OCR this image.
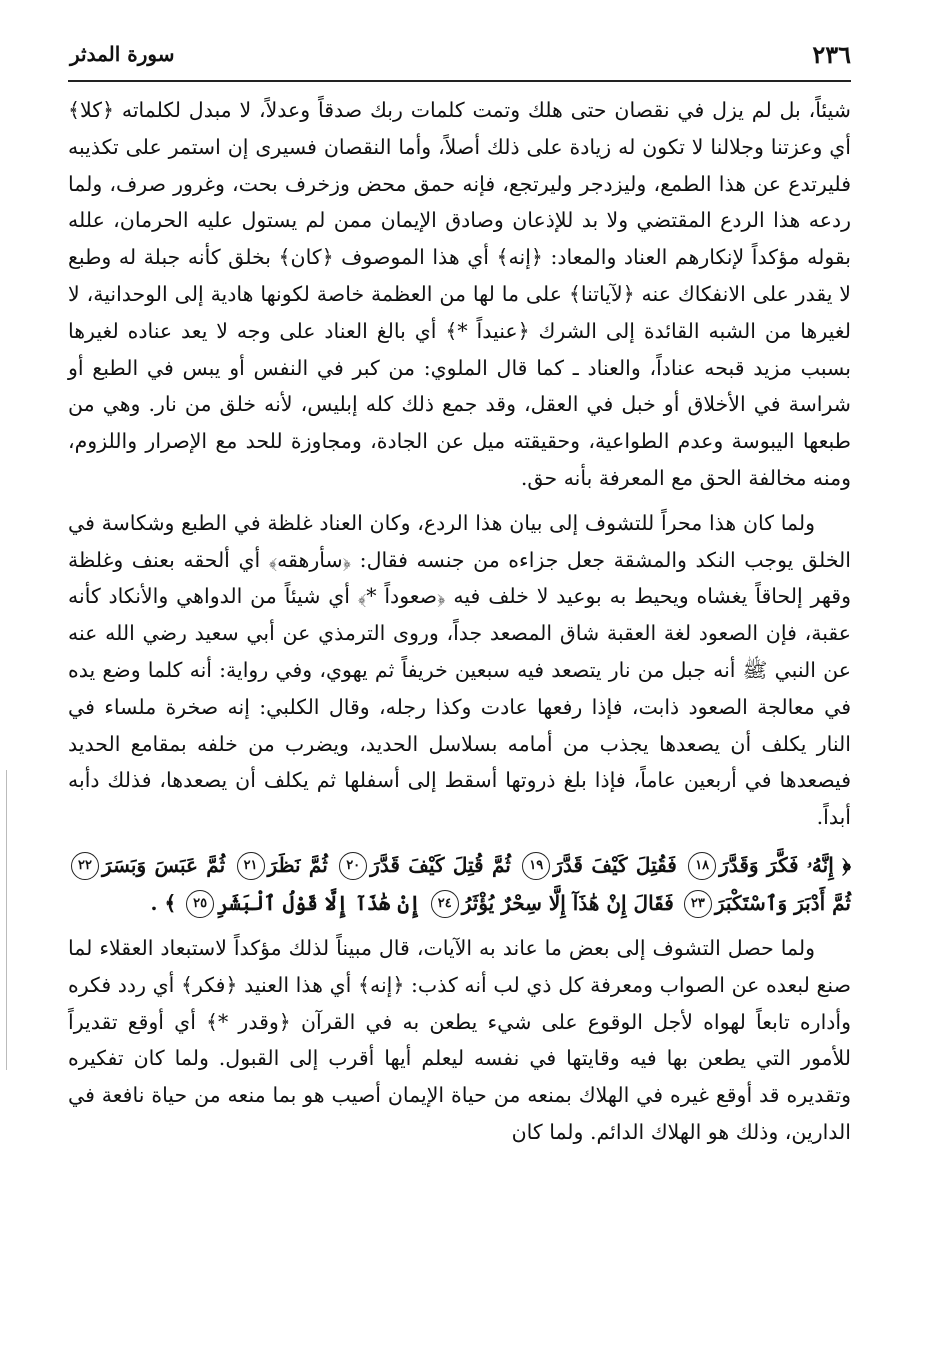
٢٣٦
سورة المدثر

شيئاً، بل لم يزل في نقصان حتى هلك وتمت كلمات ربك صدقاً وعدلاً، لا مبدل لكلماته ﴿كلا﴾ أي وعزتنا وجلالنا لا تكون له زيادة على ذلك أصلاً، وأما النقصان فسيرى إن استمر على تكذيبه فليرتدع عن هذا الطمع، وليزدجر وليرتجع، فإنه حمق محض وزخرف بحت، وغرور صرف، ولما ردعه هذا الردع المقتضي ولا بد للإذعان وصادق الإيمان ممن لم يستول عليه الحرمان، علله بقوله مؤكداً لإنكارهم العناد والمعاد: ﴿إنه﴾ أي هذا الموصوف ﴿كان﴾ بخلق كأنه جبلة له وطبع لا يقدر على الانفكاك عنه ﴿لآياتنا﴾ على ما لها من العظمة خاصة لكونها هادية إلى الوحدانية، لا لغيرها من الشبه القائدة إلى الشرك ﴿عنيداً *﴾ أي بالغ العناد على وجه لا يعد عناده لغيرها بسبب مزيد قبحه عناداً، والعناد ـ كما قال الملوي: من كبر في النفس أو يبس في الطبع أو شراسة في الأخلاق أو خبل في العقل، وقد جمع ذلك كله إبليس، لأنه خلق من نار. وهي من طبعها اليبوسة وعدم الطواعية، وحقيقته ميل عن الجادة، ومجاوزة للحد مع الإصرار واللزوم، ومنه مخالفة الحق مع المعرفة بأنه حق.

ولما كان هذا محراً للتشوف إلى بيان هذا الردع، وكان العناد غلظة في الطبع وشكاسة في الخلق يوجب النكد والمشقة جعل جزاءه من جنسه فقال: ﴿سأرهقه﴾ أي ألحقه بعنف وغلظة وقهر إلحاقاً يغشاه ويحيط به بوعيد لا خلف فيه ﴿صعوداً *﴾ أي شيئاً من الدواهي والأنكاد كأنه عقبة، فإن الصعود لغة العقبة شاق المصعد جداً، وروى الترمذي عن أبي سعيد رضي الله عنه عن النبي ﷺ أنه جبل من نار يتصعد فيه سبعين خريفاً ثم يهوي، وفي رواية: أنه كلما وضع يده في معالجة الصعود ذابت، فإذا رفعها عادت وكذا رجله، وقال الكلبي: إنه صخرة ملساء في النار يكلف أن يصعدها يجذب من أمامه بسلاسل الحديد، ويضرب من خلفه بمقامع الحديد فيصعدها في أربعين عاماً، فإذا بلغ ذروتها أسقط إلى أسفلها ثم يكلف أن يصعدها، فذلك دأبه أبداً.

﴿ إِنَّهُۥ فَكَّرَ وَقَدَّرَ١٨ فَقُتِلَ كَيْفَ قَدَّرَ١٩ ثُمَّ قُتِلَ كَيْفَ قَدَّرَ٢٠ ثُمَّ نَظَرَ٢١ ثُمَّ عَبَسَ وَبَسَرَ٢٢ ثُمَّ أَدْبَرَ وَٱسْتَكْبَرَ٢٣ فَقَالَ إِنْ هَٰذَآ إِلَّا سِحْرٌ يُؤْثَرُ٢٤ إِنْ هَٰذَآ إِلَّا قَوْلُ ٱلْبَشَرِ٢٥ ﴾ .

ولما حصل التشوف إلى بعض ما عاند به الآيات، قال مبيناً لذلك مؤكداً لاستبعاد العقلاء لما صنع لبعده عن الصواب ومعرفة كل ذي لب أنه كذب: ﴿إنه﴾ أي هذا العنيد ﴿فكر﴾ أي ردد فكره وأداره تابعاً لهواه لأجل الوقوع على شيء يطعن به في القرآن ﴿وقدر *﴾ أي أوقع تقديراً للأمور التي يطعن بها فيه وقايتها في نفسه ليعلم أيها أقرب إلى القبول. ولما كان تفكيره وتقديره قد أوقع غيره في الهلاك بمنعه من حياة الإيمان أصيب هو بما منعه من حياة نافعة في الدارين، وذلك هو الهلاك الدائم. ولما كان
